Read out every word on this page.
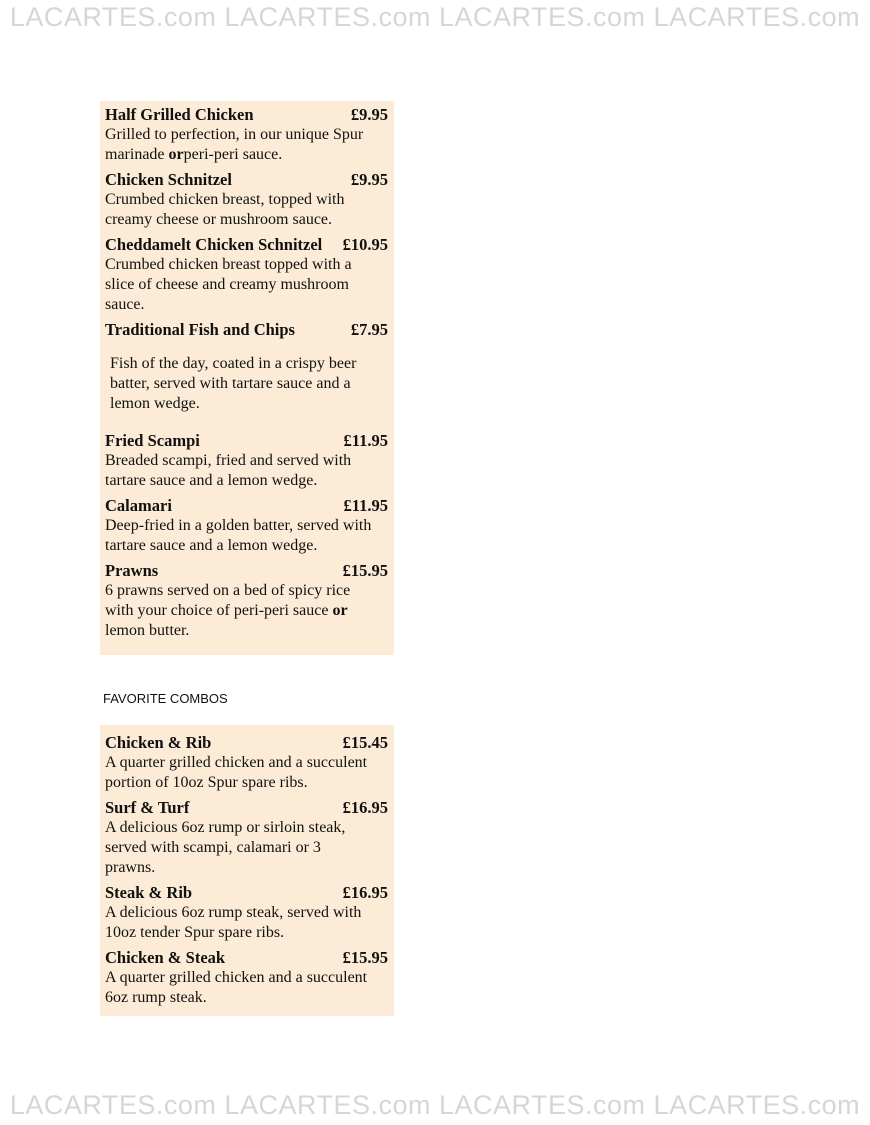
LACARTES.com LACARTES.com LACARTES.com LACARTES.com
Half Grilled Chicken	£9.95
Grilled to perfection, in our unique Spur marinade orperi-peri sauce.
Chicken Schnitzel	£9.95
Crumbed chicken breast, topped with creamy cheese or mushroom sauce.
Cheddamelt Chicken Schnitzel £10.95
Crumbed chicken breast topped with a slice of cheese and creamy mushroom sauce.
Traditional Fish and Chips	£7.95
Fish of the day, coated in a crispy beer batter, served with tartare sauce and a lemon wedge.
Fried Scampi	£11.95
Breaded scampi, fried and served with tartare sauce and a lemon wedge.
Calamari	£11.95
Deep-fried in a golden batter, served with tartare sauce and a lemon wedge.
Prawns	£15.95
6 prawns served on a bed of spicy rice with your choice of peri-peri sauce or lemon butter.
FAVORITE COMBOS
Chicken & Rib	£15.45
A quarter grilled chicken and a succulent portion of 10oz Spur spare ribs.
Surf & Turf	£16.95
A delicious 6oz rump or sirloin steak, served with scampi, calamari or 3 prawns.
Steak & Rib	£16.95
A delicious 6oz rump steak, served with 10oz tender Spur spare ribs.
Chicken & Steak	£15.95
A quarter grilled chicken and a succulent 6oz rump steak.
LACARTES.com LACARTES.com LACARTES.com LACARTES.com
